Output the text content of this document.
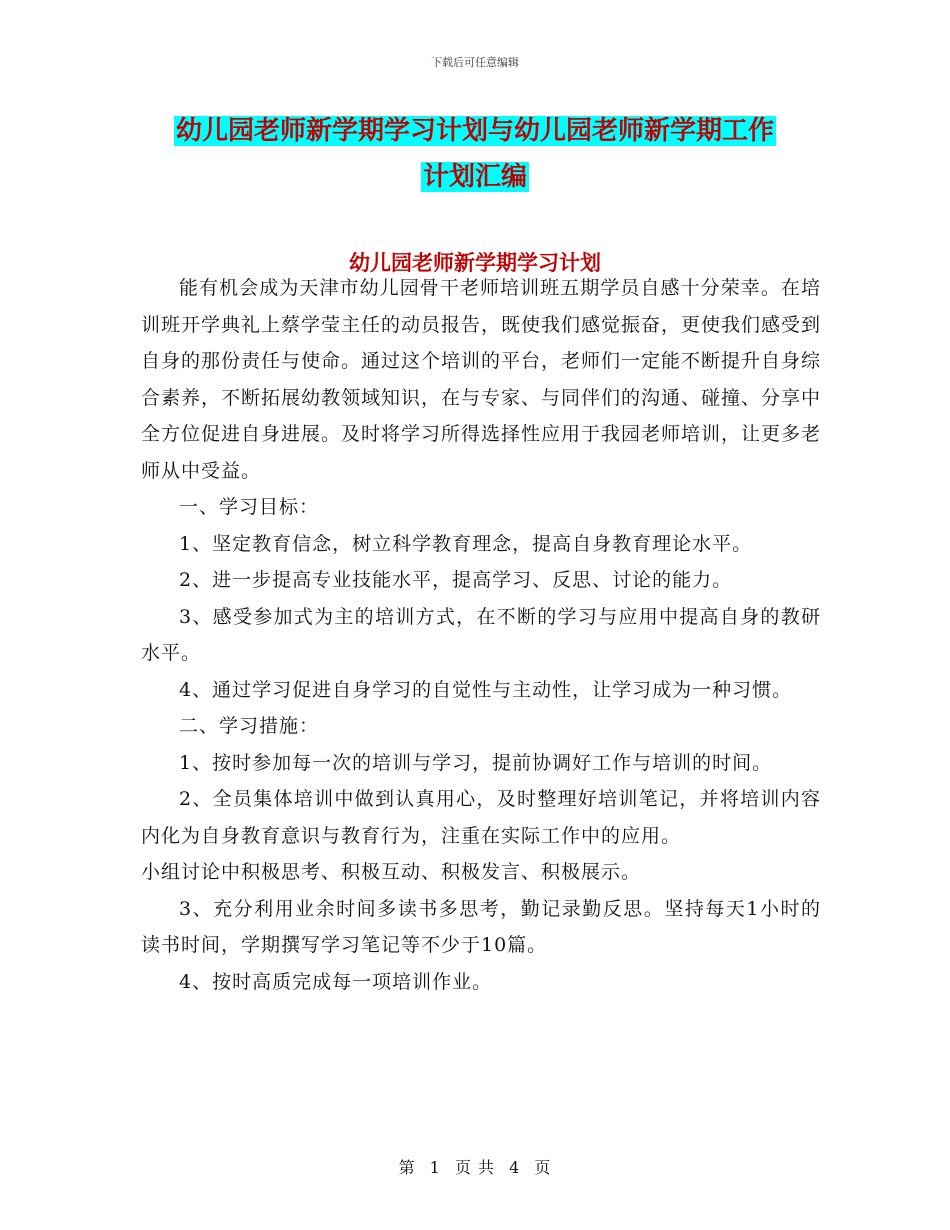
下载后可任意编辑
幼儿园老师新学期学习计划与幼儿园老师新学期工作
计划汇编
幼儿园老师新学期学习计划

能有机会成为天津市幼儿园骨干老师培训班五期学员自感十分荣幸。在培训班开学典礼上蔡学莹主任的动员报告，既使我们感觉振奋，更使我们感受到自身的那份责任与使命。通过这个培训的平台，老师们一定能不断提升自身综合素养，不断拓展幼教领域知识，在与专家、与同伴们的沟通、碰撞、分享中全方位促进自身进展。及时将学习所得选择性应用于我园老师培训，让更多老师从中受益。

一、学习目标：

1、坚定教育信念，树立科学教育理念，提高自身教育理论水平。

2、进一步提高专业技能水平，提高学习、反思、讨论的能力。

3、感受参加式为主的培训方式，在不断的学习与应用中提高自身的教研水平。

4、通过学习促进自身学习的自觉性与主动性，让学习成为一种习惯。

二、学习措施：

1、按时参加每一次的培训与学习，提前协调好工作与培训的时间。

2、全员集体培训中做到认真用心，及时整理好培训笔记，并将培训内容内化为自身教育意识与教育行为，注重在实际工作中的应用。

小组讨论中积极思考、积极互动、积极发言、积极展示。

3、充分利用业余时间多读书多思考，勤记录勤反思。坚持每天1小时的读书时间，学期撰写学习笔记等不少于10篇。

4、按时高质完成每一项培训作业。

第 1 页 共 4 页
